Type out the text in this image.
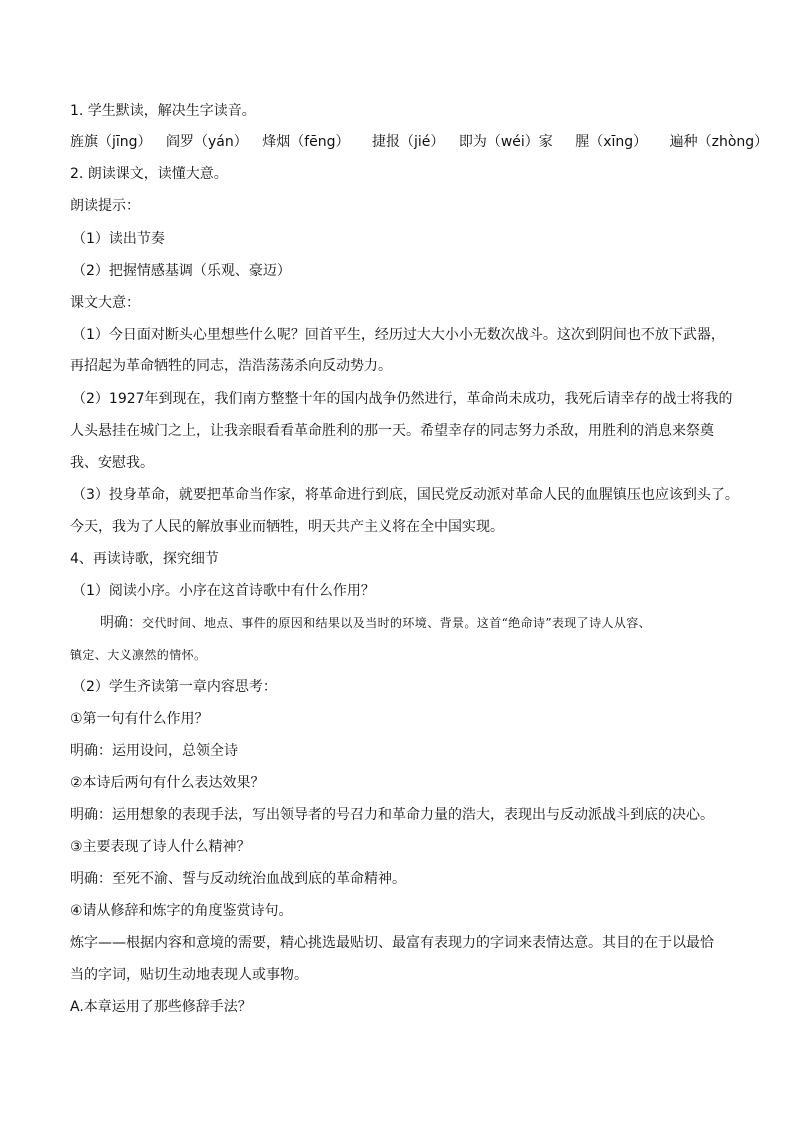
1. 学生默读，解决生字读音。
旌旗（jīng） 阎罗（yán） 烽烟（fēng） 捷报（jié） 即为（wéi）家 腥（xīng） 遍种（zhòng）
2. 朗读课文，读懂大意。
朗读提示：
（1）读出节奏
（2）把握情感基调（乐观、豪迈）
课文大意：
（1）今日面对断头心里想些什么呢？回首平生，经历过大大小小无数次战斗。这次到阴间也不放下武器，
再招起为革命牺牲的同志，浩浩荡荡杀向反动势力。
（2）1927年到现在，我们南方整整十年的国内战争仍然进行，革命尚未成功，我死后请幸存的战士将我的
人头悬挂在城门之上，让我亲眼看看革命胜利的那一天。希望幸存的同志努力杀敌，用胜利的消息来祭奠
我、安慰我。
（3）投身革命，就要把革命当作家，将革命进行到底，国民党反动派对革命人民的血腥镇压也应该到头了。
今天，我为了人民的解放事业而牺牲，明天共产主义将在全中国实现。
4、再读诗歌，探究细节
（1）阅读小序。小序在这首诗歌中有什么作用？
明确：交代时间、地点、事件的原因和结果以及当时的环境、背景。这首“绝命诗”表现了诗人从容、
镇定、大义凛然的情怀。
（2）学生齐读第一章内容思考：
①第一句有什么作用？
明确：运用设问，总领全诗
②本诗后两句有什么表达效果？
明确：运用想象的表现手法，写出领导者的号召力和革命力量的浩大，表现出与反动派战斗到底的决心。
③主要表现了诗人什么精神？
明确：至死不渝、誓与反动统治血战到底的革命精神。
④请从修辞和炼字的角度鉴赏诗句。
炼字——根据内容和意境的需要，精心挑选最贴切、最富有表现力的字词来表情达意。其目的在于以最恰
当的字词，贴切生动地表现人或事物。
A.本章运用了那些修辞手法？
